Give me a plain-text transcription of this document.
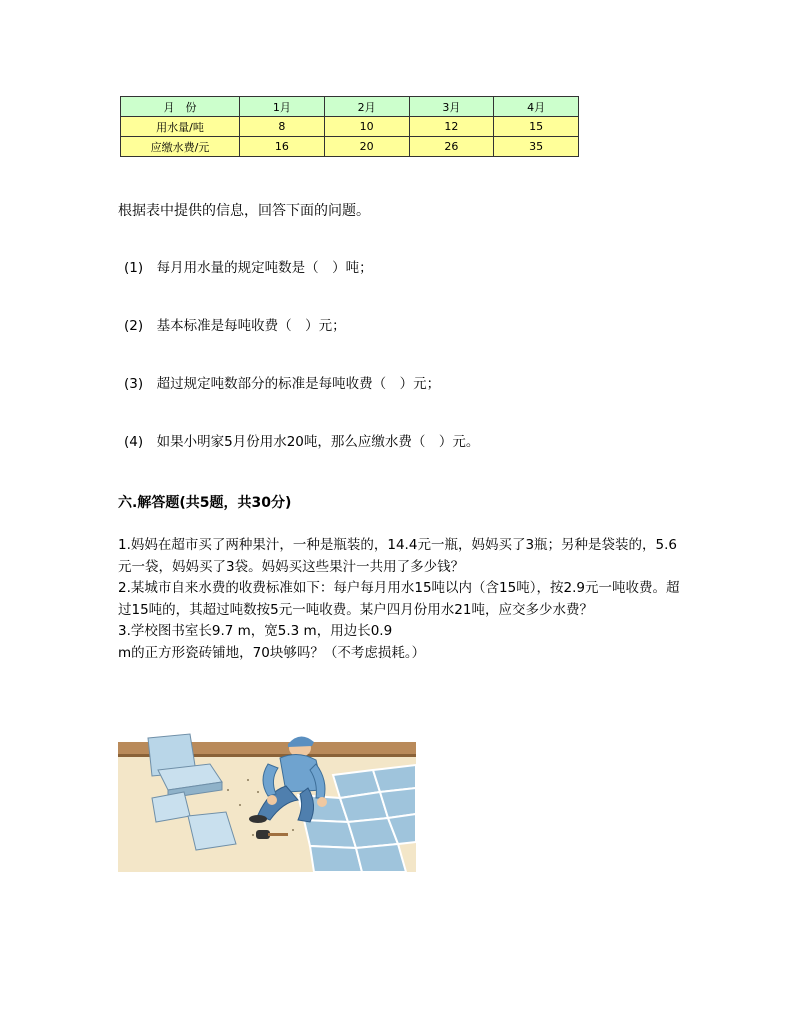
月　份	1月	2月	3月	4月
用水量/吨	8	10	12	15
应缴水费/元	16	20	26	35
根据表中提供的信息，回答下面的问题。
(1)　每月用水量的规定吨数是（　）吨；
(2)　基本标准是每吨收费（　）元；
(3)　超过规定吨数部分的标准是每吨收费（　）元；
(4)　如果小明家5月份用水20吨，那么应缴水费（　）元。
六.解答题(共5题，共30分)

1.妈妈在超市买了两种果汁，一种是瓶装的，14.4元一瓶，妈妈买了3瓶；另种是袋装的，5.6元一袋，妈妈买了3袋。妈妈买这些果汁一共用了多少钱？

2.某城市自来水费的收费标准如下：每户每月用水15吨以内（含15吨），按2.9元一吨收费。超过15吨的，其超过吨数按5元一吨收费。某户四月份用水21吨，应交多少水费？

3.学校图书室长9.7 m，宽5.3 m，用边长0.9

m的正方形瓷砖铺地，70块够吗？（不考虑损耗。）
